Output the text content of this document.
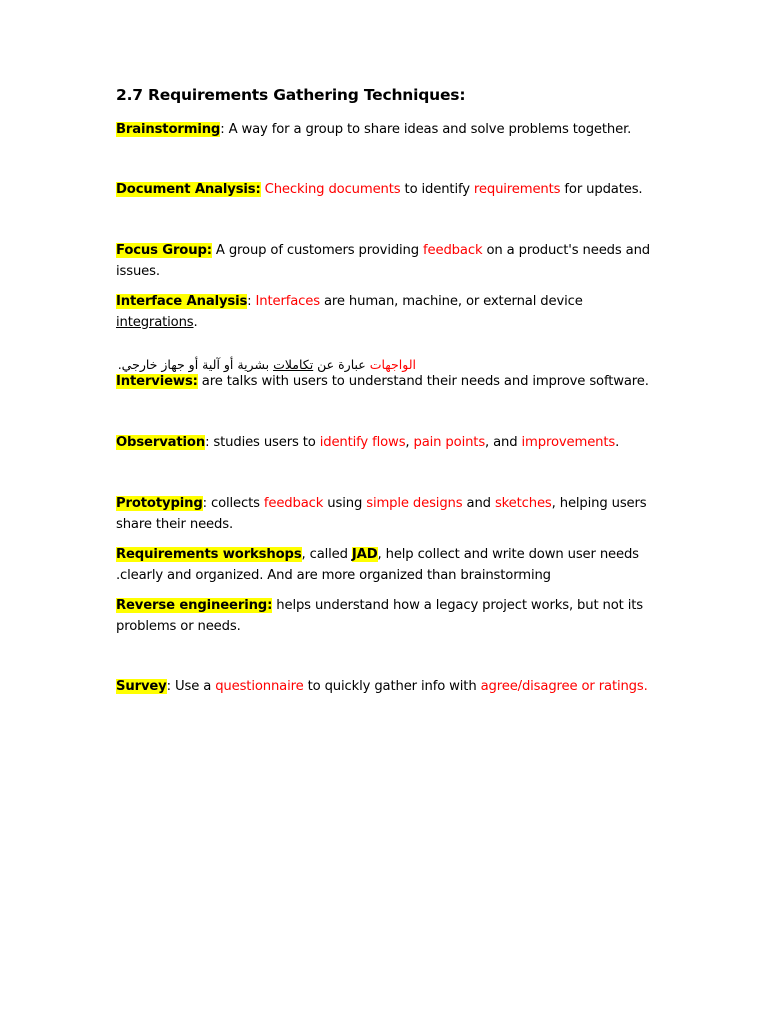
2.7 Requirements Gathering Techniques:

Brainstorming: A way for a group to share ideas and solve problems together.

Document Analysis: Checking documents to identify requirements for updates.

Focus Group: A group of customers providing feedback on a product's needs and issues.

Interface Analysis: Interfaces are human, machine, or external device integrations.

الواجهات عبارة عن تكاملات بشرية أو آلية أو جهاز خارجي.

Interviews: are talks with users to understand their needs and improve software.

Observation: studies users to identify flows, pain points, and improvements.

Prototyping: collects feedback using simple designs and sketches, helping users share their needs.

Requirements workshops, called JAD, help collect and write down user needs
.clearly and organized. And are more organized than brainstorming

Reverse engineering: helps understand how a legacy project works, but not its problems or needs.

Survey: Use a questionnaire to quickly gather info with agree/disagree or ratings.
